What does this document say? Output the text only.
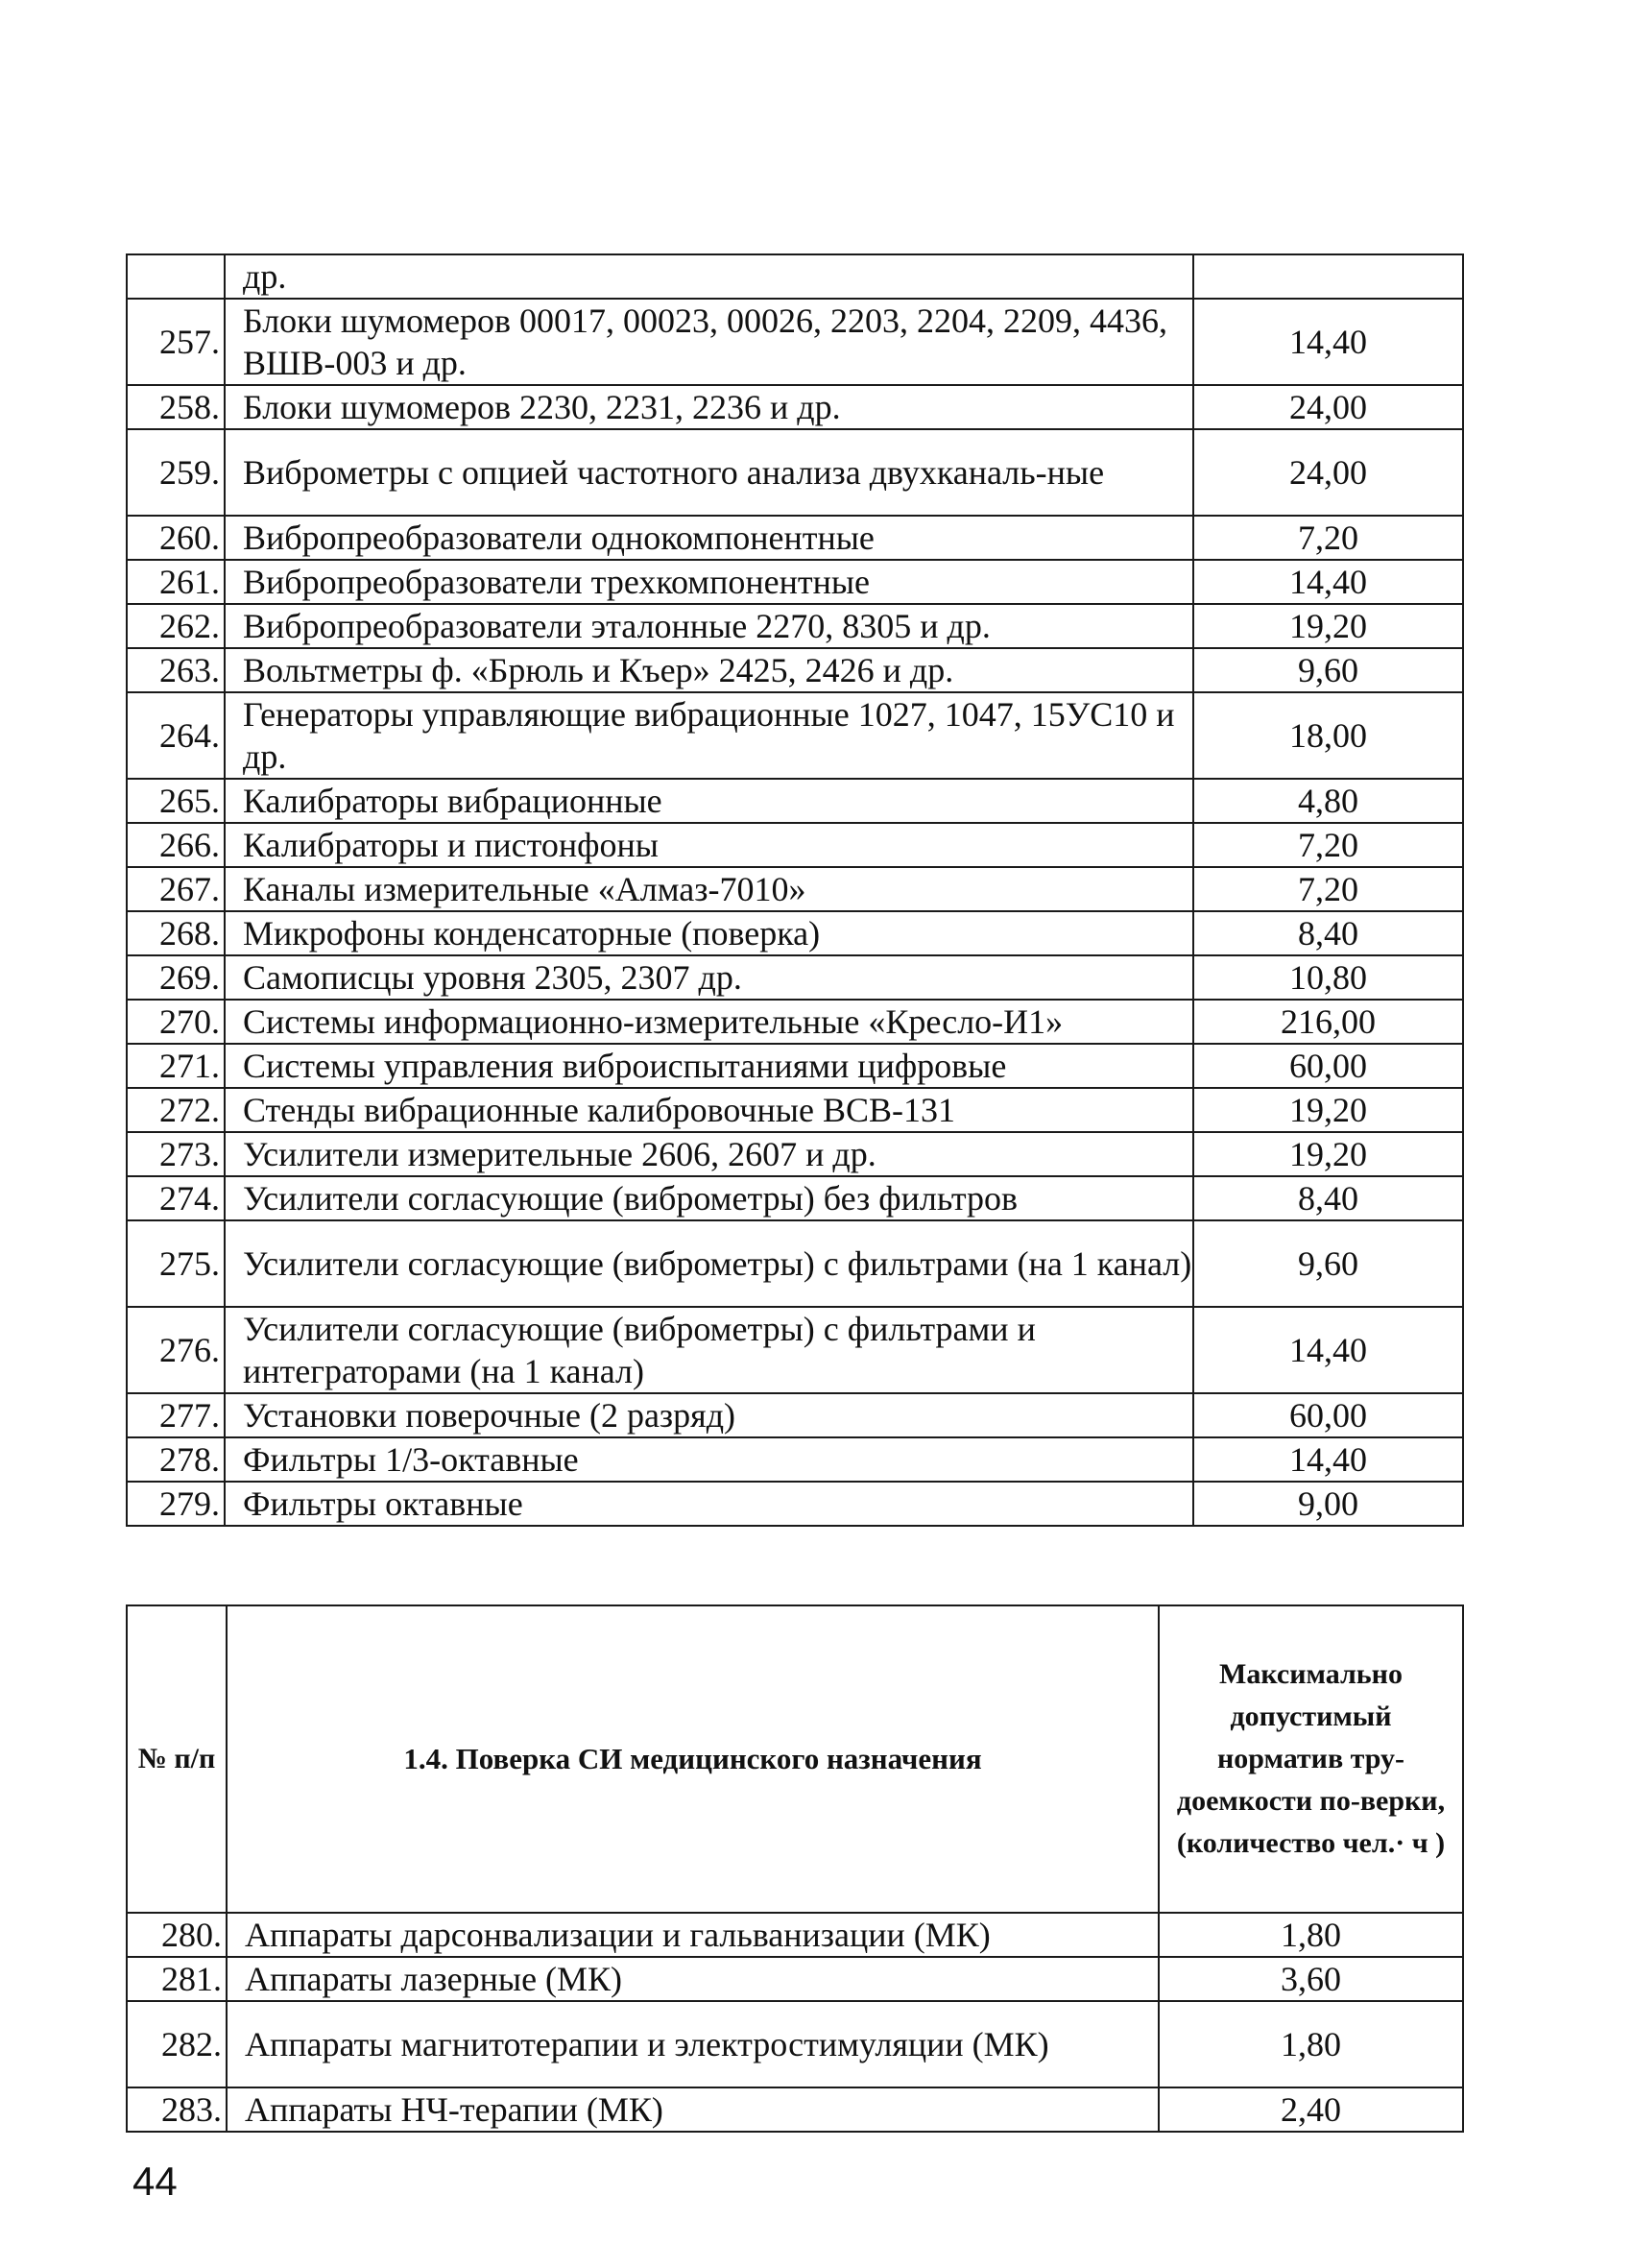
	др.	
257.	Блоки шумомеров 00017, 00023, 00026, 2203, 2204, 2209, 4436, ВШВ-003 и др.	14,40
258.	Блоки шумомеров 2230, 2231, 2236 и др.	24,00
259.	Виброметры с опцией частотного анализа двухканаль-ные	24,00
260.	Вибропреобразователи однокомпонентные	7,20
261.	Вибропреобразователи трехкомпонентные	14,40
262.	Вибропреобразователи эталонные 2270, 8305 и др.	19,20
263.	Вольтметры ф. «Брюль и Къер» 2425, 2426 и др.	9,60
264.	Генераторы управляющие вибрационные 1027, 1047, 15УС10 и др.	18,00
265.	Калибраторы вибрационные	4,80
266.	Калибраторы и пистонфоны	7,20
267.	Каналы измерительные «Алмаз-7010»	7,20
268.	Микрофоны конденсаторные (поверка)	8,40
269.	Самописцы уровня 2305, 2307 др.	10,80
270.	Системы информационно-измерительные «Кресло-И1»	216,00
271.	Системы управления виброиспытаниями цифровые	60,00
272.	Стенды вибрационные калибровочные ВСВ-131	19,20
273.	Усилители измерительные 2606, 2607 и др.	19,20
274.	Усилители согласующие (виброметры) без фильтров	8,40
275.	Усилители согласующие (виброметры) с фильтрами (на 1 канал)	9,60
276.	Усилители согласующие (виброметры) с фильтрами и интеграторами (на 1 канал)	14,40
277.	Установки поверочные (2 разряд)	60,00
278.	Фильтры 1/3-октавные	14,40
279.	Фильтры октавные	9,00
№ п/п	1.4. Поверка СИ медицинского назначения	Максимально допустимый норматив тру-доемкости по-верки, (количество чел.· ч )
280.	Аппараты дарсонвализации и гальванизации (МК)	1,80
281.	Аппараты лазерные (МК)	3,60
282.	Аппараты магнитотерапии и электростимуляции (МК)	1,80
283.	Аппараты НЧ-терапии (МК)	2,40
44
